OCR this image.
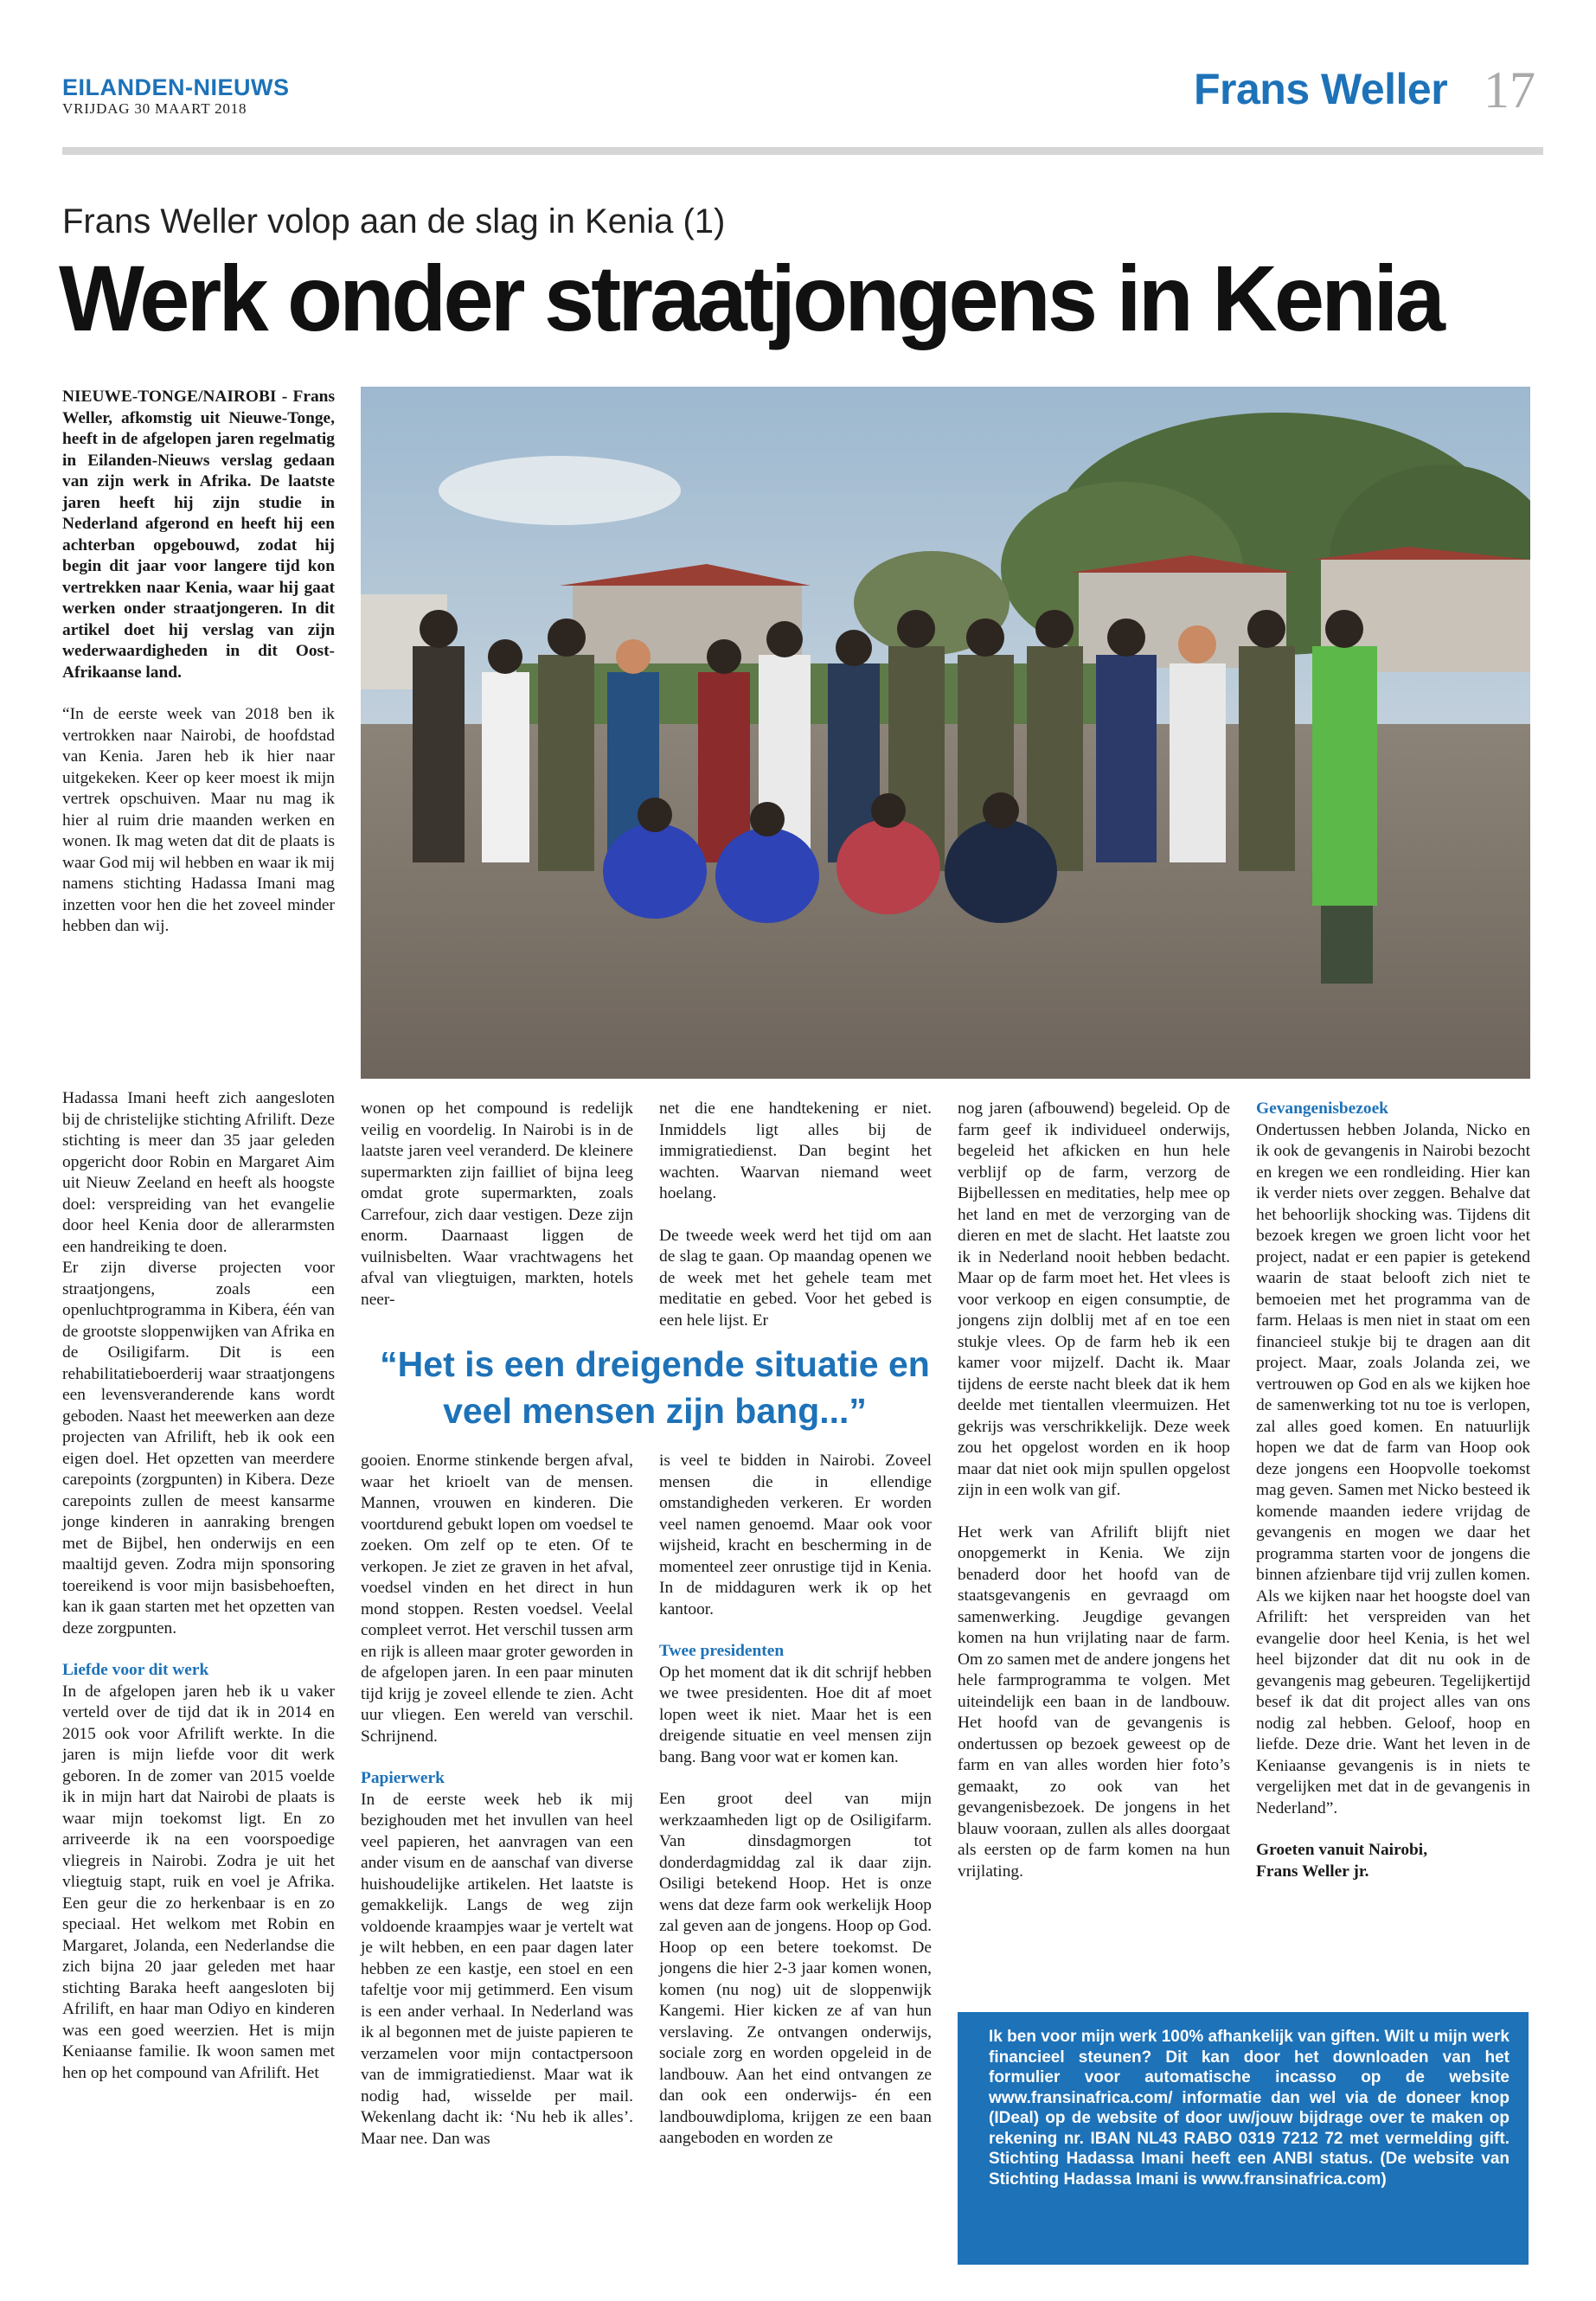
EILANDEN-NIEUWS
VRIJDAG 30 MAART 2018	Frans Weller 17
Frans Weller volop aan de slag in Kenia (1)
Werk onder straatjongens in Kenia

NIEUWE-TONGE/NAIROBI - Frans Weller, afkomstig uit Nieuwe-Tonge, heeft in de afgelopen jaren regelmatig in Eilanden-Nieuws verslag gedaan van zijn werk in Afrika. De laatste jaren heeft hij zijn studie in Nederland afgerond en heeft hij een achterban opgebouwd, zodat hij begin dit jaar voor langere tijd kon vertrekken naar Kenia, waar hij gaat werken onder straatjongeren. In dit artikel doet hij verslag van zijn wederwaardigheden in dit Oost-Afrikaanse land.

“In de eerste week van 2018 ben ik vertrokken naar Nairobi, de hoofdstad van Kenia. Jaren heb ik hier naar uitgekeken. Keer op keer moest ik mijn vertrek opschuiven. Maar nu mag ik hier al ruim drie maanden werken en wonen. Ik mag weten dat dit de plaats is waar God mij wil hebben en waar ik mij namens stichting Hadassa Imani mag inzetten voor hen die het zoveel minder hebben dan wij.

Hadassa Imani heeft zich aangesloten bij de christelijke stichting Afrilift. Deze stichting is meer dan 35 jaar geleden opgericht door Robin en Margaret Aim uit Nieuw Zeeland en heeft als hoogste doel: verspreiding van het evangelie door heel Kenia door de allerarmsten een handreiking te doen.

Er zijn diverse projecten voor straatjongens, zoals een openluchtprogramma in Kibera, één van de grootste sloppenwijken van Afrika en de Osiligifarm. Dit is een rehabilitatieboerderij waar straatjongens een levensveranderende kans wordt geboden. Naast het meewerken aan deze projecten van Afrilift, heb ik ook een eigen doel. Het opzetten van meerdere carepoints (zorgpunten) in Kibera. Deze carepoints zullen de meest kansarme jonge kinderen in aanraking brengen met de Bijbel, hen onderwijs en een maaltijd geven. Zodra mijn sponsoring toereikend is voor mijn basisbehoeften, kan ik gaan starten met het opzetten van deze zorgpunten.

Liefde voor dit werk

In de afgelopen jaren heb ik u vaker verteld over de tijd dat ik in 2014 en 2015 ook voor Afrilift werkte. In die jaren is mijn liefde voor dit werk geboren. In de zomer van 2015 voelde ik in mijn hart dat Nairobi de plaats is waar mijn toekomst ligt. En zo arriveerde ik na een voorspoedige vliegreis in Nairobi. Zodra je uit het vliegtuig stapt, ruik en voel je Afrika. Een geur die zo herkenbaar is en zo speciaal. Het welkom met Robin en Margaret, Jolanda, een Nederlandse die zich bijna 20 jaar geleden met haar stichting Baraka heeft aangesloten bij Afrilift, en haar man Odiyo en kinderen was een goed weerzien. Het is mijn Keniaanse familie. Ik woon samen met hen op het compound van Afrilift. Het

wonen op het compound is redelijk veilig en voordelig. In Nairobi is in de laatste jaren veel veranderd. De kleinere supermarkten zijn failliet of bijna leeg omdat grote supermarkten, zoals Carrefour, zich daar vestigen. Deze zijn enorm. Daarnaast liggen de vuilnisbelten. Waar vrachtwagens het afval van vliegtuigen, markten, hotels neer-

net die ene handtekening er niet. Inmiddels ligt alles bij de immigratiedienst. Dan begint het wachten. Waarvan niemand weet hoelang.

De tweede week werd het tijd om aan de slag te gaan. Op maandag openen we de week met het gehele team met meditatie en gebed. Voor het gebed is een hele lijst. Er

“Het is een dreigende situatie en veel mensen zijn bang...”

gooien. Enorme stinkende bergen afval, waar het krioelt van de mensen. Mannen, vrouwen en kinderen. Die voortdurend gebukt lopen om voedsel te zoeken. Om zelf op te eten. Of te verkopen. Je ziet ze graven in het afval, voedsel vinden en het direct in hun mond stoppen. Resten voedsel. Veelal compleet verrot. Het verschil tussen arm en rijk is alleen maar groter geworden in de afgelopen jaren. In een paar minuten tijd krijg je zoveel ellende te zien. Acht uur vliegen. Een wereld van verschil. Schrijnend.

Papierwerk

In de eerste week heb ik mij bezighouden met het invullen van heel veel papieren, het aanvragen van een ander visum en de aanschaf van diverse huishoudelijke artikelen. Het laatste is gemakkelijk. Langs de weg zijn voldoende kraampjes waar je vertelt wat je wilt hebben, en een paar dagen later hebben ze een kastje, een stoel en een tafeltje voor mij getimmerd. Een visum is een ander verhaal. In Nederland was ik al begonnen met de juiste papieren te verzamelen voor mijn contactpersoon van de immigratiedienst. Maar wat ik nodig had, wisselde per mail. Wekenlang dacht ik: ‘Nu heb ik alles’. Maar nee. Dan was

is veel te bidden in Nairobi. Zoveel mensen die in ellendige omstandigheden verkeren. Er worden veel namen genoemd. Maar ook voor wijsheid, kracht en bescherming in de momenteel zeer onrustige tijd in Kenia. In de middaguren werk ik op het kantoor.

Twee presidenten

Op het moment dat ik dit schrijf hebben we twee presidenten. Hoe dit af moet lopen weet ik niet. Maar het is een dreigende situatie en veel mensen zijn bang. Bang voor wat er komen kan.

Een groot deel van mijn werkzaamheden ligt op de Osiligifarm. Van dinsdagmorgen tot donderdagmiddag zal ik daar zijn. Osiligi betekend Hoop. Het is onze wens dat deze farm ook werkelijk Hoop zal geven aan de jongens. Hoop op God. Hoop op een betere toekomst. De jongens die hier 2-3 jaar komen wonen, komen (nu nog) uit de sloppenwijk Kangemi. Hier kicken ze af van hun verslaving. Ze ontvangen onderwijs, sociale zorg en worden opgeleid in de landbouw. Aan het eind ontvangen ze dan ook een onderwijs- én een landbouwdiploma, krijgen ze een baan aangeboden en worden ze

nog jaren (afbouwend) begeleid. Op de farm geef ik individueel onderwijs, begeleid het afkicken en hun hele verblijf op de farm, verzorg de Bijbellessen en meditaties, help mee op het land en met de verzorging van de dieren en met de slacht. Het laatste zou ik in Nederland nooit hebben bedacht. Maar op de farm moet het. Het vlees is voor verkoop en eigen consumptie, de jongens zijn dolblij met af en toe een stukje vlees. Op de farm heb ik een kamer voor mijzelf. Dacht ik. Maar tijdens de eerste nacht bleek dat ik hem deelde met tientallen vleermuizen. Het gekrijs was verschrikkelijk. Deze week zou het opgelost worden en ik hoop maar dat niet ook mijn spullen opgelost zijn in een wolk van gif.

Het werk van Afrilift blijft niet onopgemerkt in Kenia. We zijn benaderd door het hoofd van de staatsgevangenis en gevraagd om samenwerking. Jeugdige gevangen komen na hun vrijlating naar de farm. Om zo samen met de andere jongens het hele farmprogramma te volgen. Met uiteindelijk een baan in de landbouw. Het hoofd van de gevangenis is ondertussen op bezoek geweest op de farm en van alles worden hier foto’s gemaakt, zo ook van het gevangenisbezoek. De jongens in het blauw vooraan, zullen als alles doorgaat als eersten op de farm komen na hun vrijlating.

Gevangenisbezoek

Ondertussen hebben Jolanda, Nicko en ik ook de gevangenis in Nairobi bezocht en kregen we een rondleiding. Hier kan ik verder niets over zeggen. Behalve dat het behoorlijk shocking was. Tijdens dit bezoek kregen we groen licht voor het project, nadat er een papier is getekend waarin de staat belooft zich niet te bemoeien met het programma van de farm. Helaas is men niet in staat om een financieel stukje bij te dragen aan dit project. Maar, zoals Jolanda zei, we vertrouwen op God en als we kijken hoe de samenwerking tot nu toe is verlopen, zal alles goed komen. En natuurlijk hopen we dat de farm van Hoop ook deze jongens een Hoopvolle toekomst mag geven. Samen met Nicko besteed ik komende maanden iedere vrijdag de gevangenis en mogen we daar het programma starten voor de jongens die binnen afzienbare tijd vrij zullen komen. Als we kijken naar het hoogste doel van Afrilift: het verspreiden van het evangelie door heel Kenia, is het wel heel bijzonder dat dit nu ook in de gevangenis mag gebeuren. Tegelijkertijd besef ik dat dit project alles van ons nodig zal hebben. Geloof, hoop en liefde. Deze drie. Want het leven in de Keniaanse gevangenis is in niets te vergelijken met dat in de gevangenis in Nederland”.

Groeten vanuit Nairobi,

Frans Weller jr.

Ik ben voor mijn werk 100% afhankelijk van giften. Wilt u mijn werk financieel steunen? Dit kan door het downloaden van het formulier voor automatische incasso op de website www.fransinafrica.com/ informatie dan wel via de doneer knop (IDeal) op de website of door uw/jouw bijdrage over te maken op rekening nr. IBAN NL43 RABO 0319 7212 72 met vermelding gift. Stichting Hadassa Imani heeft een ANBI status. (De website van Stichting Hadassa Imani is www.fransinafrica.com)
